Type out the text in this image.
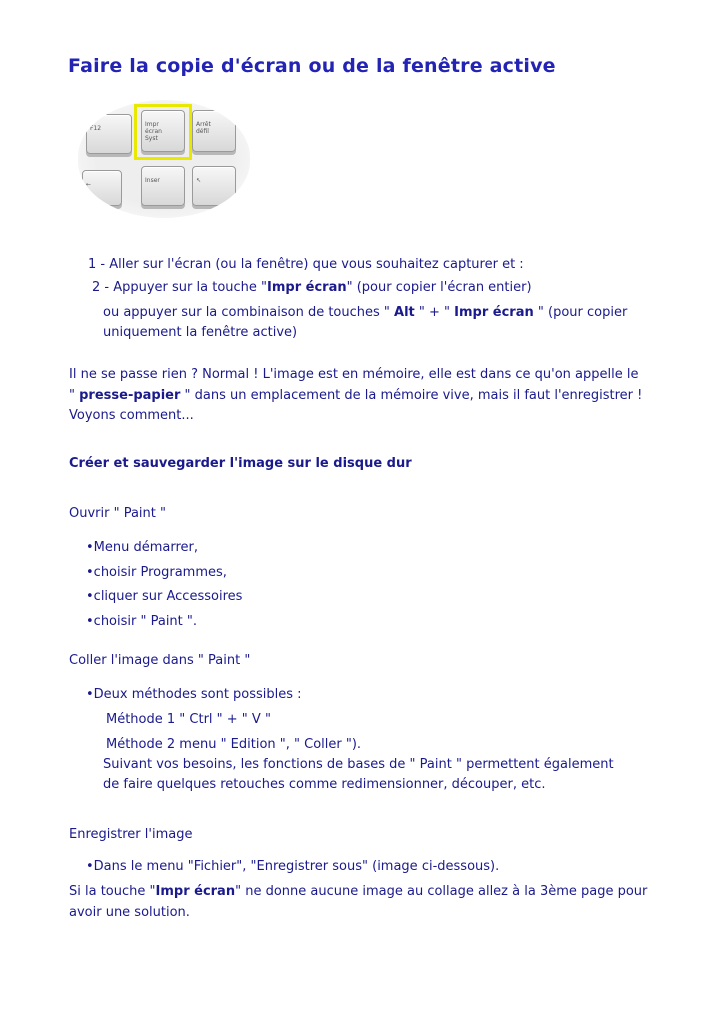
Faire la copie d'écran ou de la fenêtre active

F12

Impr
écran
Syst

Arrêt
défil

←

Inser	↖

1 - Aller sur l'écran (ou la fenêtre) que vous souhaitez capturer et :

2 - Appuyer sur la touche "Impr écran" (pour copier l'écran entier)

ou appuyer sur la combinaison de touches " Alt " + " Impr écran " (pour copier

uniquement la fenêtre active)

Il ne se passe rien ? Normal ! L'image est en mémoire, elle est dans ce qu'on appelle le

" presse-papier " dans un emplacement de la mémoire vive, mais il faut l'enregistrer !

Voyons comment...

Créer et sauvegarder l'image sur le disque dur

Ouvrir " Paint "

•Menu démarrer,

•choisir Programmes,

•cliquer sur Accessoires

•choisir " Paint ".

Coller l'image dans " Paint "

•Deux méthodes sont possibles :

Méthode 1 " Ctrl " + " V "

Méthode 2 menu " Edition ", " Coller ").

Suivant vos besoins, les fonctions de bases de " Paint " permettent également

de faire quelques retouches comme redimensionner, découper, etc.

Enregistrer l'image

•Dans le menu "Fichier", "Enregistrer sous" (image ci-dessous).

Si la touche "Impr écran" ne donne aucune image au collage allez à la 3ème page pour

avoir une solution.
